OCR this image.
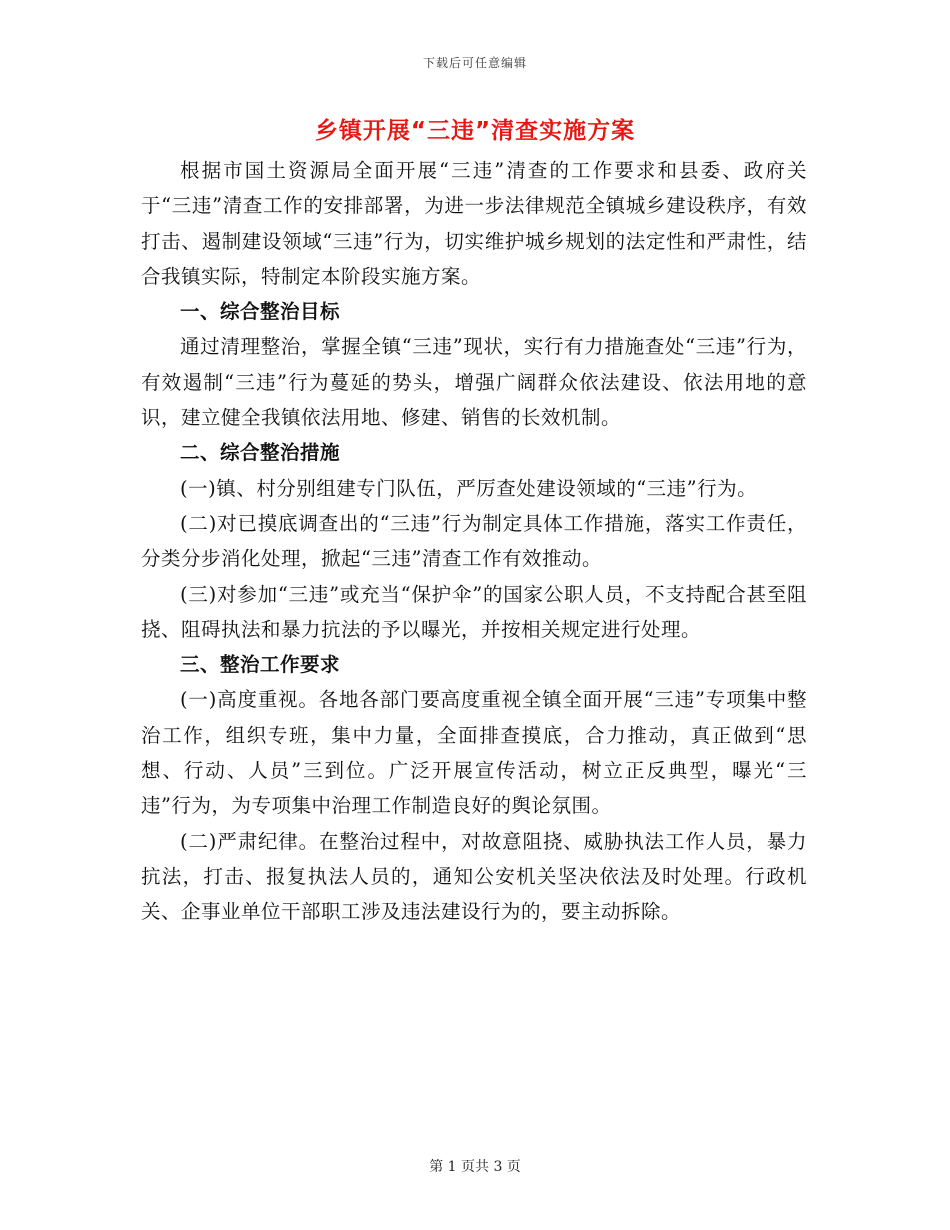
下载后可任意编辑
乡镇开展“三违”清查实施方案

根据市国土资源局全面开展“三违”清查的工作要求和县委、政府关于“三违”清查工作的安排部署，为进一步法律规范全镇城乡建设秩序，有效打击、遏制建设领域“三违”行为，切实维护城乡规划的法定性和严肃性，结合我镇实际，特制定本阶段实施方案。

一、综合整治目标

通过清理整治，掌握全镇“三违”现状，实行有力措施查处“三违”行为，有效遏制“三违”行为蔓延的势头，增强广阔群众依法建设、依法用地的意识，建立健全我镇依法用地、修建、销售的长效机制。

二、综合整治措施

(一)镇、村分别组建专门队伍，严厉查处建设领域的“三违”行为。

(二)对已摸底调查出的“三违”行为制定具体工作措施，落实工作责任，分类分步消化处理，掀起“三违”清查工作有效推动。

(三)对参加“三违”或充当“保护伞”的国家公职人员，不支持配合甚至阻挠、阻碍执法和暴力抗法的予以曝光，并按相关规定进行处理。

三、整治工作要求

(一)高度重视。各地各部门要高度重视全镇全面开展“三违”专项集中整治工作，组织专班，集中力量，全面排查摸底，合力推动，真正做到“思想、行动、人员”三到位。广泛开展宣传活动，树立正反典型，曝光“三违”行为，为专项集中治理工作制造良好的舆论氛围。

(二)严肃纪律。在整治过程中，对故意阻挠、威胁执法工作人员，暴力抗法，打击、报复执法人员的，通知公安机关坚决依法及时处理。行政机关、企事业单位干部职工涉及违法建设行为的，要主动拆除。

第 1 页共 3 页
